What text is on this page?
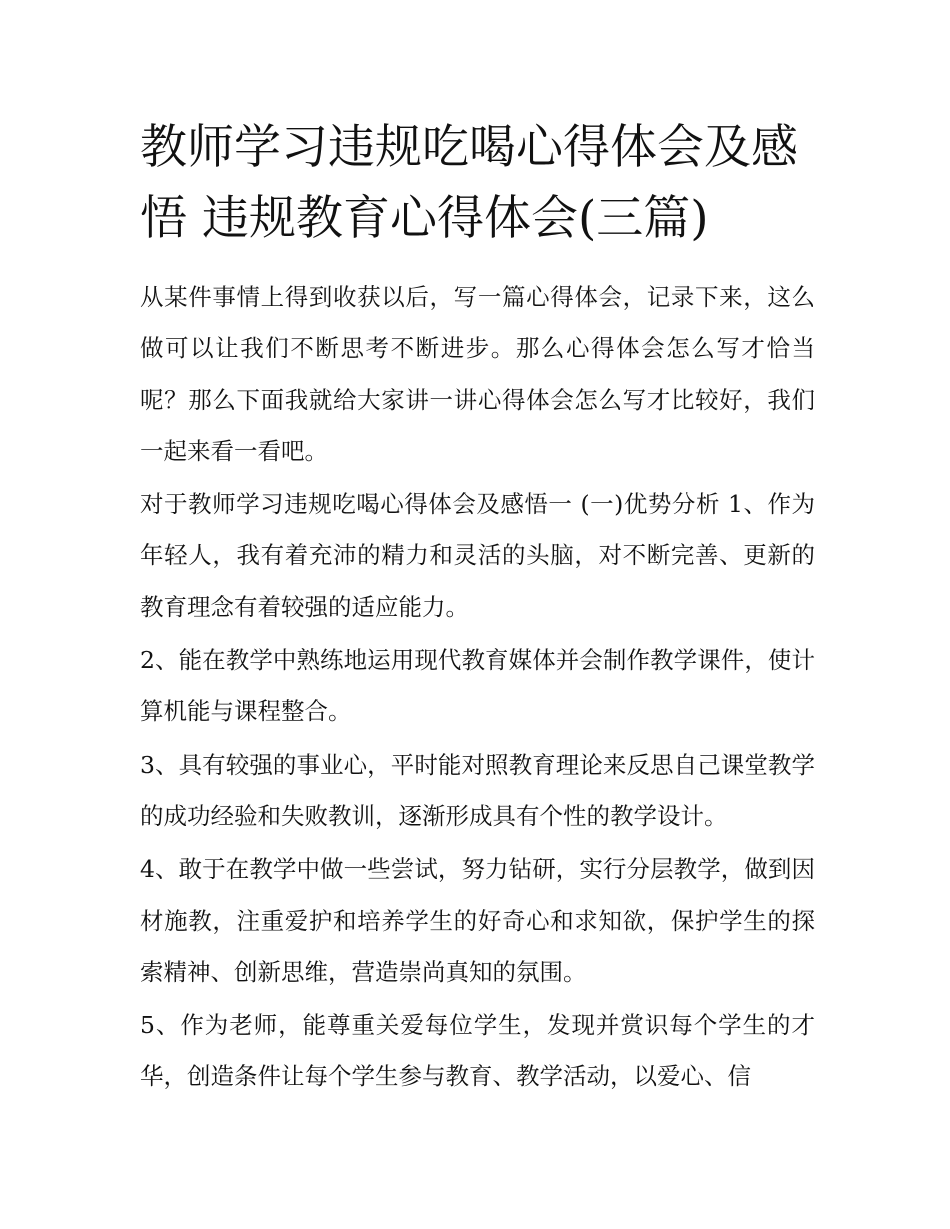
教师学习违规吃喝心得体会及感悟 违规教育心得体会(三篇)

从某件事情上得到收获以后，写一篇心得体会，记录下来，这么做可以让我们不断思考不断进步。那么心得体会怎么写才恰当呢？那么下面我就给大家讲一讲心得体会怎么写才比较好，我们一起来看一看吧。

对于教师学习违规吃喝心得体会及感悟一 (一)优势分析 1、作为年轻人，我有着充沛的精力和灵活的头脑，对不断完善、更新的教育理念有着较强的适应能力。

2、能在教学中熟练地运用现代教育媒体并会制作教学课件，使计算机能与课程整合。

3、具有较强的事业心，平时能对照教育理论来反思自己课堂教学的成功经验和失败教训，逐渐形成具有个性的教学设计。

4、敢于在教学中做一些尝试，努力钻研，实行分层教学，做到因材施教，注重爱护和培养学生的好奇心和求知欲，保护学生的探索精神、创新思维，营造崇尚真知的氛围。

5、作为老师，能尊重关爱每位学生，发现并赏识每个学生的才华，创造条件让每个学生参与教育、教学活动，以爱心、信
